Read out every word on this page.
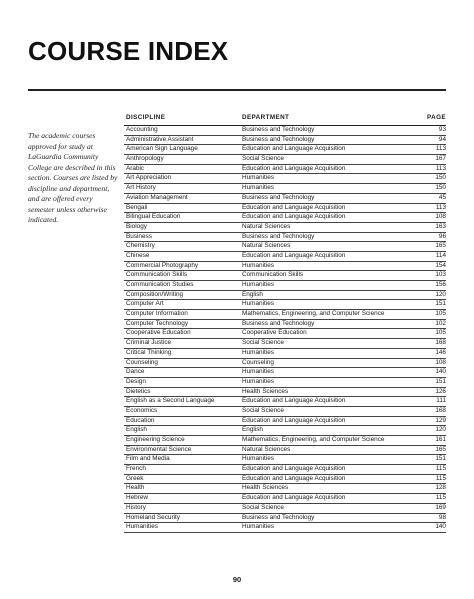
COURSE INDEX
The academic courses approved for study at LaGuardia Community College are described in this section. Courses are listed by discipline and department, and are offered every semester unless otherwise indicated.
DISCIPLINE	DEPARTMENT	PAGE
Accounting	Business and Technology	93
Administrative Assistant	Business and Technology	94
American Sign Language	Education and Language Acquisition	113
Anthropology	Social Science	167
Arabic	Education and Language Acquisition	113
Art Appreciation	Humanities	150
Art History	Humanities	150
Aviation Management	Business and Technology	45
Bengali	Education and Language Acquisition	113
Bilingual Education	Education and Language Acquisition	108
Biology	Natural Sciences	163
Business	Business and Technology	96
Chemistry	Natural Sciences	165
Chinese	Education and Language Acquisition	114
Commercial Photography	Humanities	154
Communication Skills	Communication Skills	103
Communication Studies	Humanities	156
Composition/Writing	English	120
Computer Art	Humanities	151
Computer Information	Mathematics, Engineering, and Computer Science	105
Computer Technology	Business and Technology	102
Cooperative Education	Cooperative Education	105
Criminal Justice	Social Science	168
Critical Thinking	Humanities	146
Counseling	Counseling	108
Dance	Humanities	140
Design	Humanities	151
Dietetics	Health Sciences	126
English as a Second Language	Education and Language Acquisition	111
Economics	Social Science	168
Education	Education and Language Acquisition	129
English	English	120
Engineering Science	Mathematics, Engineering, and Computer Science	161
Environmental Science	Natural Sciences	165
Film and Media	Humanities	151
French	Education and Language Acquisition	115
Greek	Education and Language Acquisition	115
Health	Health Sciences	128
Hebrew	Education and Language Acquisition	115
History	Social Science	169
Homeland Security	Business and Technology	98
Humanities	Humanities	140
90
